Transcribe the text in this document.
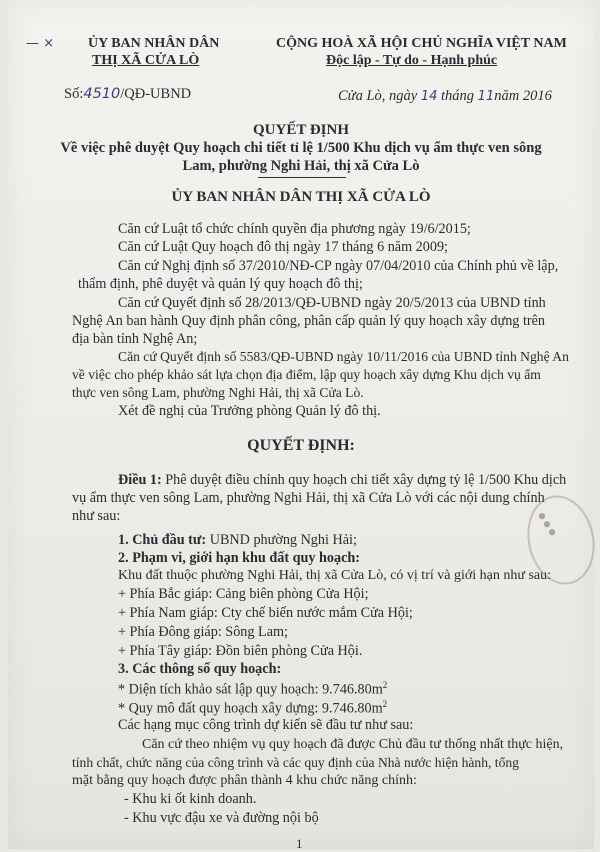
ỦY BAN NHÂN DÂN
THỊ XÃ CỬA LÒ
— ×	CỘNG HOÀ XÃ HỘI CHỦ NGHĨA VIỆT NAM
Độc lập - Tự do - Hạnh phúc
Số:4510/QĐ-UBND	Cửa Lò, ngày 14 tháng 11năm 2016
QUYẾT ĐỊNH
Về việc phê duyệt Quy hoạch chi tiết tỉ lệ 1/500 Khu dịch vụ ẩm thực ven sông
Lam, phường Nghi Hải, thị xã Cửa Lò
ỦY BAN NHÂN DÂN THỊ XÃ CỬA LÒ
Căn cứ Luật tổ chức chính quyền địa phương ngày 19/6/2015;
Căn cứ Luật Quy hoạch đô thị ngày 17 tháng 6 năm 2009;
Căn cứ Nghị định số 37/2010/NĐ-CP ngày 07/04/2010 của Chính phủ về lập,
thẩm định, phê duyệt và quản lý quy hoạch đô thị;
Căn cứ Quyết định số 28/2013/QĐ-UBND ngày 20/5/2013 của UBND tỉnh
Nghệ An ban hành Quy định phân công, phân cấp quản lý quy hoạch xây dựng trên
địa bàn tỉnh Nghệ An;
Căn cứ Quyết định số 5583/QĐ-UBND ngày 10/11/2016 của UBND tỉnh Nghệ An
về việc cho phép khảo sát lựa chọn địa điểm, lập quy hoạch xây dựng Khu dịch vụ ẩm
thực ven sông Lam, phường Nghi Hải, thị xã Cửa Lò.
Xét đề nghị của Trưởng phòng Quản lý đô thị.
QUYẾT ĐỊNH:
Điều 1: Phê duyệt điều chỉnh quy hoạch chi tiết xây dựng tỷ lệ 1/500 Khu dịch
vụ ẩm thực ven sông Lam, phường Nghi Hải, thị xã Cửa Lò với các nội dung chính
như sau:
1. Chủ đầu tư: UBND phường Nghi Hải;
2. Phạm vi, giới hạn khu đất quy hoạch:
Khu đất thuộc phường Nghi Hải, thị xã Cửa Lò, có vị trí và giới hạn như sau:
+ Phía Bắc giáp: Cảng biên phòng Cửa Hội;
+ Phía Nam giáp: Cty chế biến nước mắm Cửa Hội;
+ Phía Đông giáp: Sông Lam;
+ Phía Tây giáp: Đồn biên phòng Cửa Hội.
3. Các thông số quy hoạch:
* Diện tích khảo sát lập quy hoạch: $9.746.80m^2$
* Quy mô đất quy hoạch xây dựng: $9.746.80m^2$
Các hạng mục công trình dự kiến sẽ đầu tư như sau:
Căn cứ theo nhiệm vụ quy hoạch đã được Chủ đầu tư thống nhất thực hiện,
tính chất, chức năng của công trình và các quy định của Nhà nước hiện hành, tổng
mặt bằng quy hoạch được phân thành 4 khu chức năng chính:
- Khu ki ốt kinh doanh.
- Khu vực đậu xe và đường nội bộ
1
● ● ●
